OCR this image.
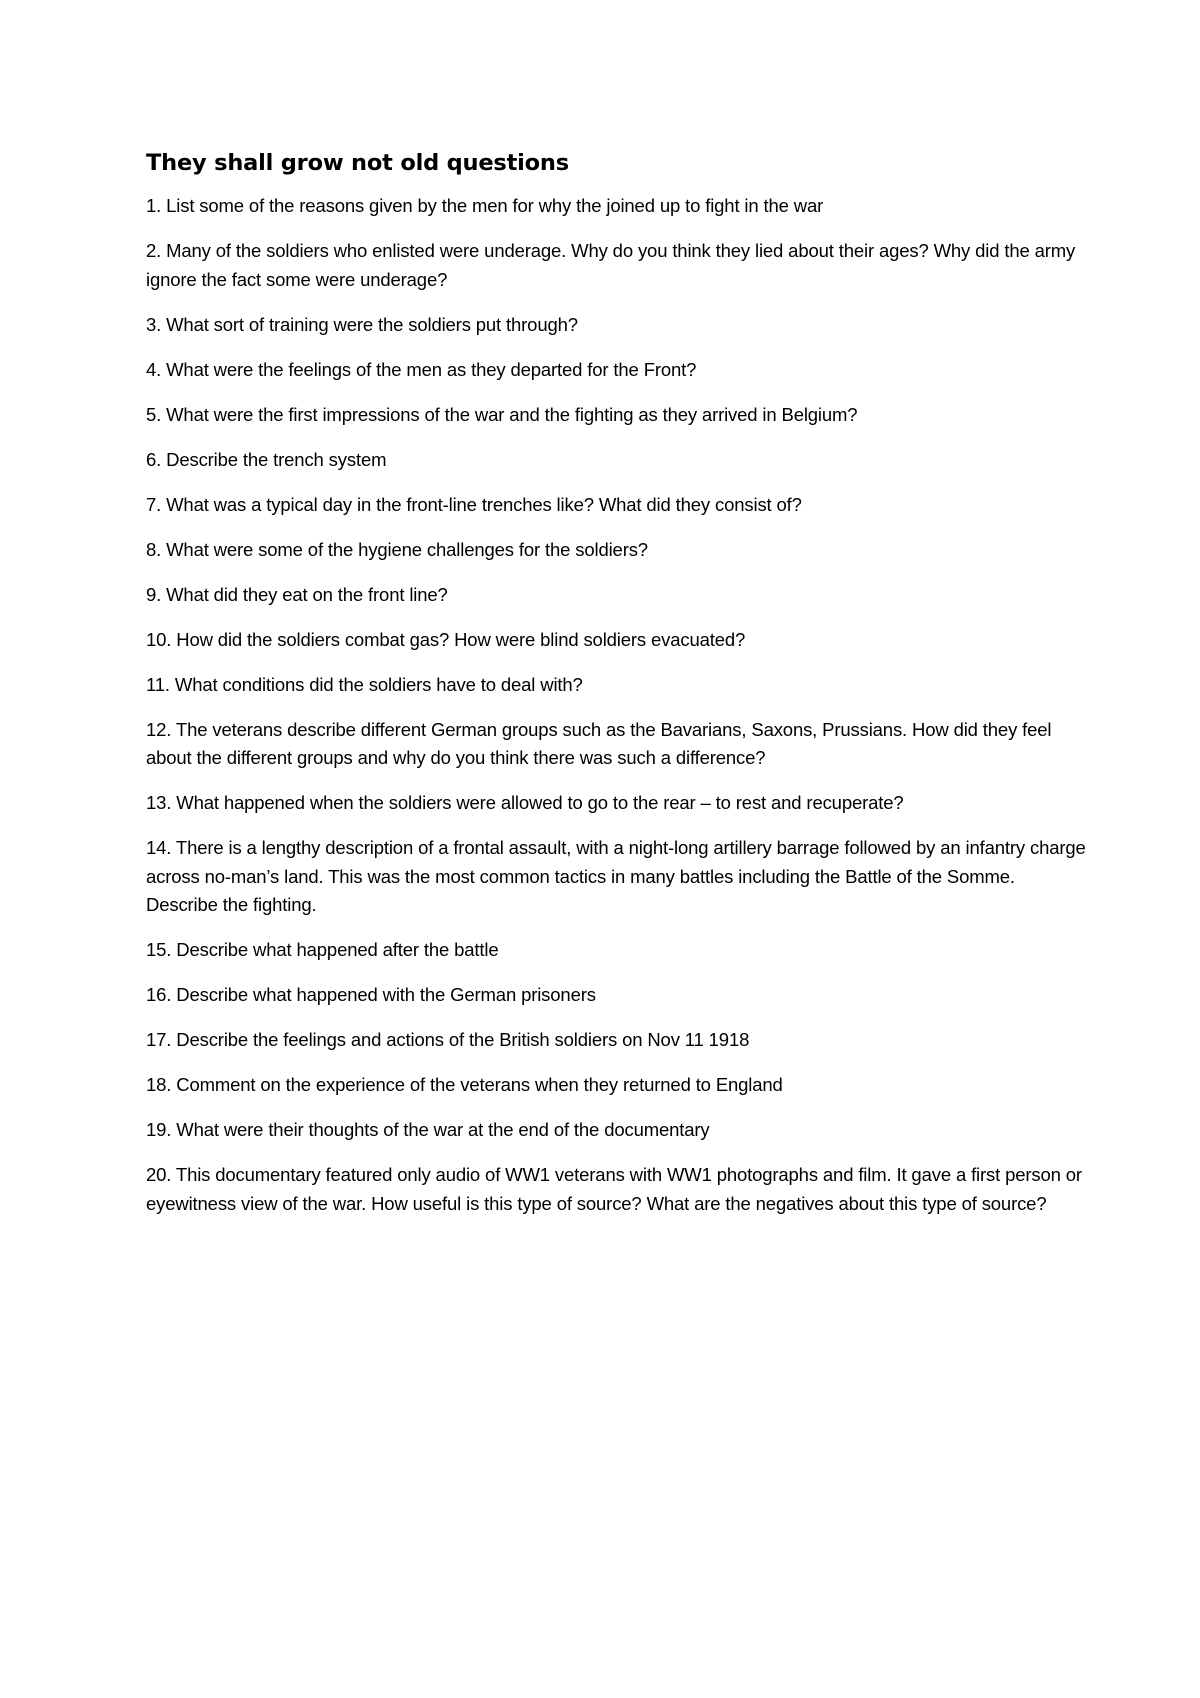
They shall grow not old questions
1. List some of the reasons given by the men for why the joined up to fight in the war
2. Many of the soldiers who enlisted were underage. Why do you think they lied about their ages? Why did the army ignore the fact some were underage?
3. What sort of training were the soldiers put through?
4. What were the feelings of the men as they departed for the Front?
5. What were the first impressions of the war and the fighting as they arrived in Belgium?
6. Describe the trench system
7. What was a typical day in the front-line trenches like? What did they consist of?
8. What were some of the hygiene challenges for the soldiers?
9. What did they eat on the front line?
10. How did the soldiers combat gas? How were blind soldiers evacuated?
11. What conditions did the soldiers have to deal with?
12. The veterans describe different German groups such as the Bavarians, Saxons, Prussians. How did they feel about the different groups and why do you think there was such a difference?
13. What happened when the soldiers were allowed to go to the rear – to rest and recuperate?
14. There is a lengthy description of a frontal assault, with a night-long artillery barrage followed by an infantry charge across no-man’s land. This was the most common tactics in many battles including the Battle of the Somme. Describe the fighting.
15. Describe what happened after the battle
16. Describe what happened with the German prisoners
17. Describe the feelings and actions of the British soldiers on Nov 11 1918
18. Comment on the experience of the veterans when they returned to England
19. What were their thoughts of the war at the end of the documentary
20. This documentary featured only audio of WW1 veterans with WW1 photographs and film. It gave a first person or eyewitness view of the war. How useful is this type of source? What are the negatives about this type of source?
